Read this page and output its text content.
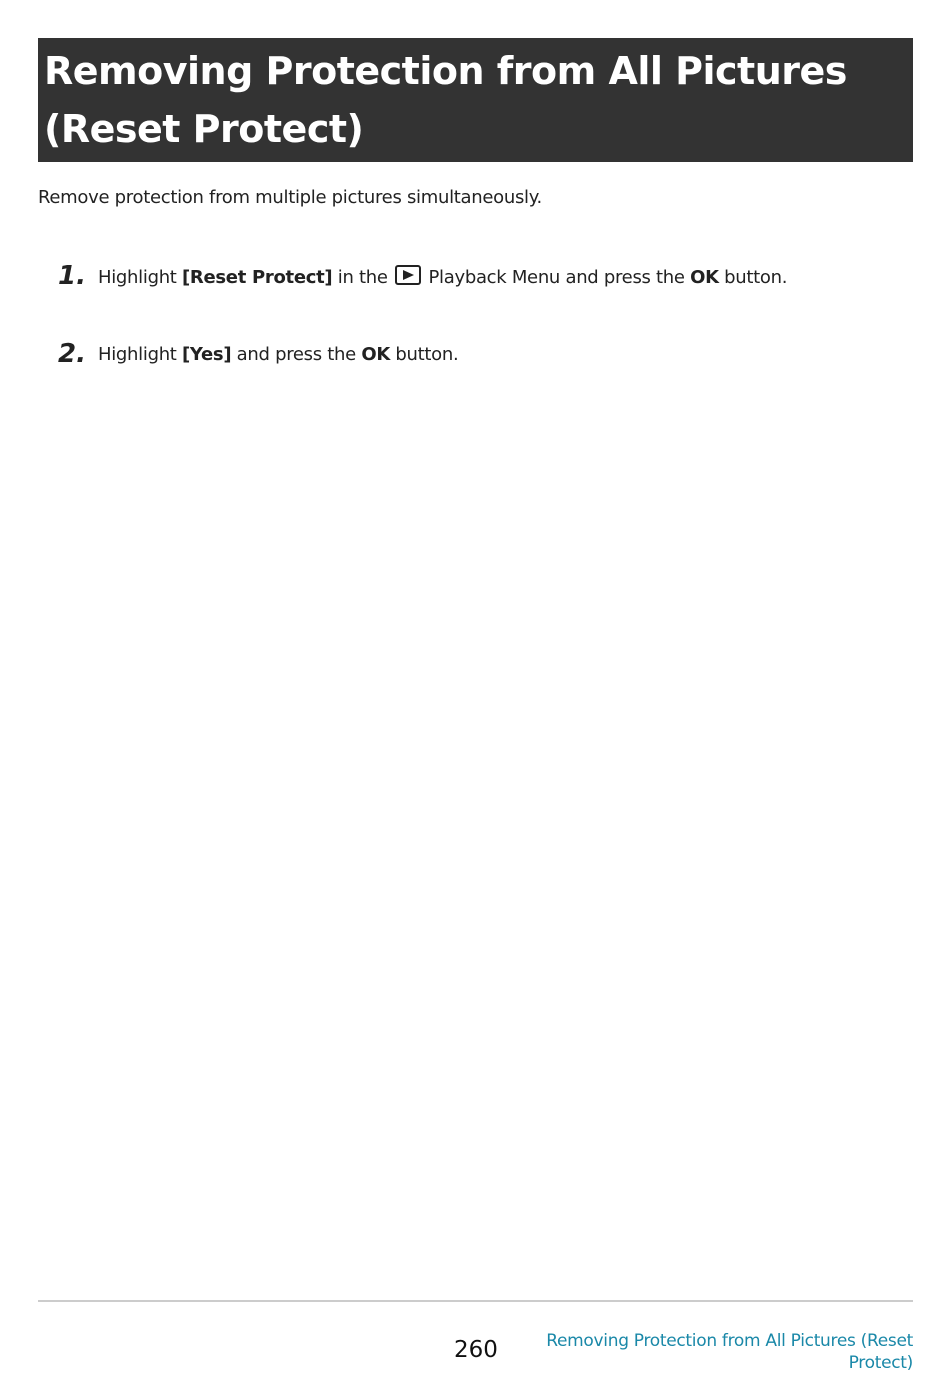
Removing Protection from All Pictures (Reset Protect)
Remove protection from multiple pictures simultaneously.
1. Highlight [Reset Protect] in the  Playback Menu and press the OK button.
2. Highlight [Yes] and press the OK button.
260	Removing Protection from All Pictures (Reset Protect)
